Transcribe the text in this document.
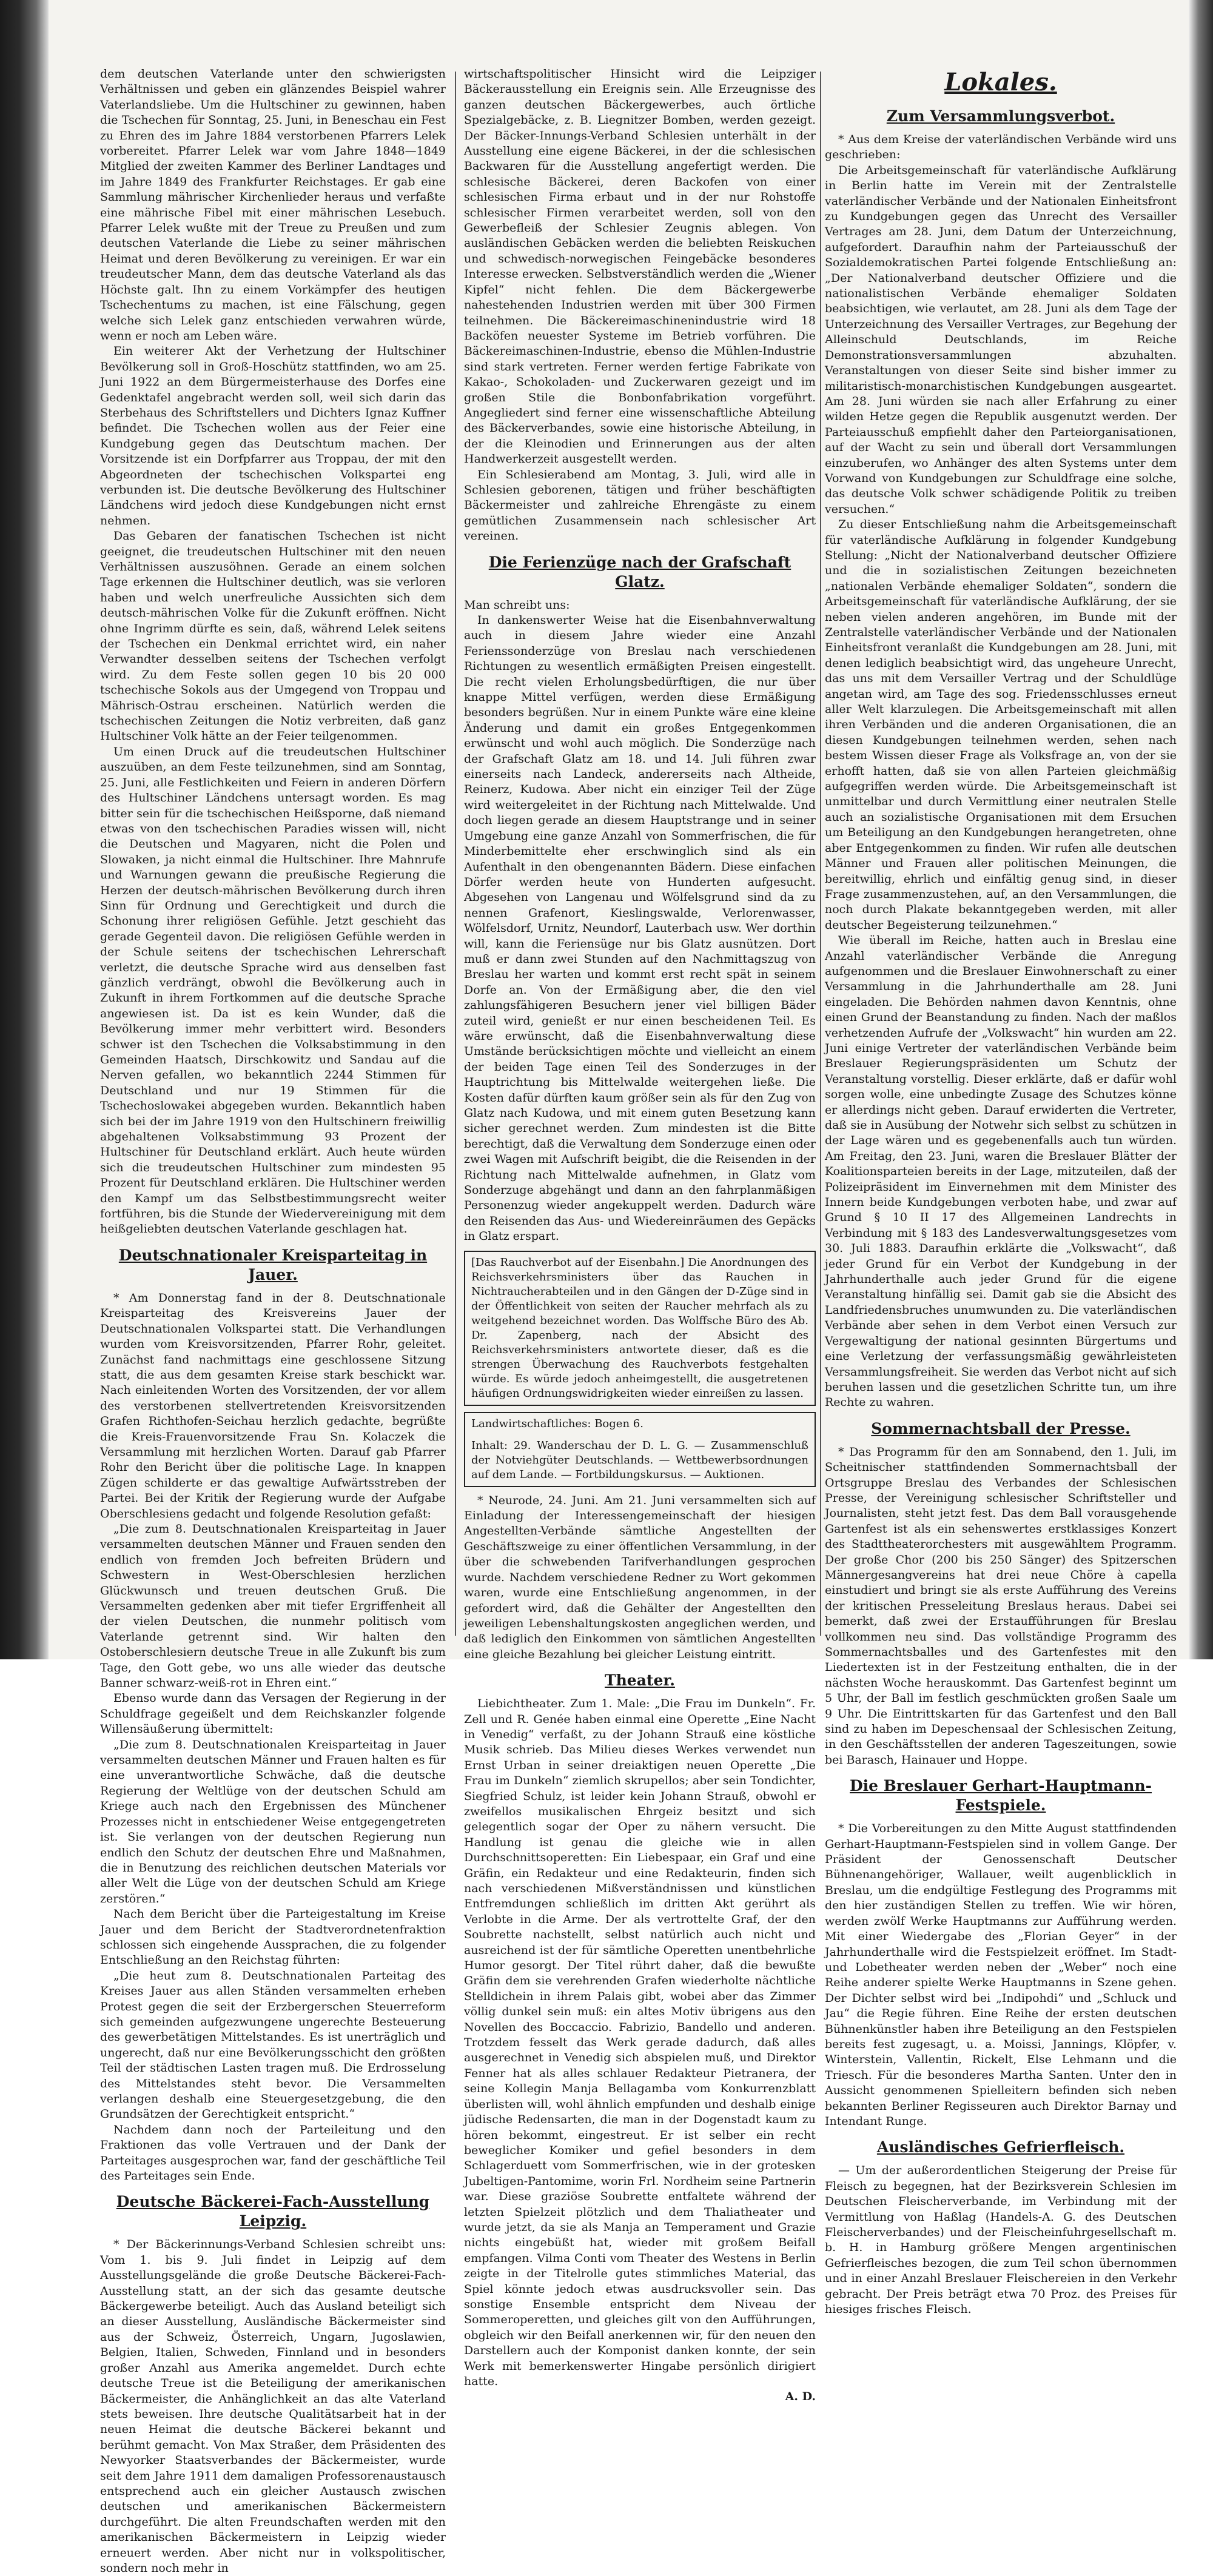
dem deutschen Vaterlande unter den schwierigsten Verhältnissen und geben ein glänzendes Beispiel wahrer Vaterlandsliebe. Um die Hultschiner zu gewinnen, haben die Tschechen für Sonntag, 25. Juni, in Beneschau ein Fest zu Ehren des im Jahre 1884 verstorbenen Pfarrers Lelek vorbereitet. Pfarrer Lelek war vom Jahre 1848—1849 Mitglied der zweiten Kammer des Berliner Landtages und im Jahre 1849 des Frankfurter Reichstages. Er gab eine Sammlung mährischer Kirchenlieder heraus und verfaßte eine mährische Fibel mit einer mährischen Lesebuch. Pfarrer Lelek wußte mit der Treue zu Preußen und zum deutschen Vaterlande die Liebe zu seiner mährischen Heimat und deren Bevölkerung zu vereinigen. Er war ein treudeutscher Mann, dem das deutsche Vaterland als das Höchste galt. Ihn zu einem Vorkämpfer des heutigen Tschechentums zu machen, ist eine Fälschung, gegen welche sich Lelek ganz entschieden verwahren würde, wenn er noch am Leben wäre.

Ein weiterer Akt der Verhetzung der Hultschiner Bevölkerung soll in Groß-Hoschütz stattfinden, wo am 25. Juni 1922 an dem Bürgermeisterhause des Dorfes eine Gedenktafel angebracht werden soll, weil sich darin das Sterbehaus des Schriftstellers und Dichters Ignaz Kuffner befindet. Die Tschechen wollen aus der Feier eine Kundgebung gegen das Deutschtum machen. Der Vorsitzende ist ein Dorfpfarrer aus Troppau, der mit den Abgeordneten der tschechischen Volkspartei eng verbunden ist. Die deutsche Bevölkerung des Hultschiner Ländchens wird jedoch diese Kundgebungen nicht ernst nehmen.

Das Gebaren der fanatischen Tschechen ist nicht geeignet, die treudeutschen Hultschiner mit den neuen Verhältnissen auszusöhnen. Gerade an einem solchen Tage erkennen die Hultschiner deutlich, was sie verloren haben und welch unerfreuliche Aussichten sich dem deutsch-mährischen Volke für die Zukunft eröffnen. Nicht ohne Ingrimm dürfte es sein, daß, während Lelek seitens der Tschechen ein Denkmal errichtet wird, ein naher Verwandter desselben seitens der Tschechen verfolgt wird. Zu dem Feste sollen gegen 10 bis 20 000 tschechische Sokols aus der Umgegend von Troppau und Mährisch-Ostrau erscheinen. Natürlich werden die tschechischen Zeitungen die Notiz verbreiten, daß ganz Hultschiner Volk hätte an der Feier teilgenommen.

Um einen Druck auf die treudeutschen Hultschiner auszuüben, an dem Feste teilzunehmen, sind am Sonntag, 25. Juni, alle Festlichkeiten und Feiern in anderen Dörfern des Hultschiner Ländchens untersagt worden. Es mag bitter sein für die tschechischen Heißsporne, daß niemand etwas von den tschechischen Paradies wissen will, nicht die Deutschen und Magyaren, nicht die Polen und Slowaken, ja nicht einmal die Hultschiner. Ihre Mahnrufe und Warnungen gewann die preußische Regierung die Herzen der deutsch-mährischen Bevölkerung durch ihren Sinn für Ordnung und Gerechtigkeit und durch die Schonung ihrer religiösen Gefühle. Jetzt geschieht das gerade Gegenteil davon. Die religiösen Gefühle werden in der Schule seitens der tschechischen Lehrerschaft verletzt, die deutsche Sprache wird aus denselben fast gänzlich verdrängt, obwohl die Bevölkerung auch in Zukunft in ihrem Fortkommen auf die deutsche Sprache angewiesen ist. Da ist es kein Wunder, daß die Bevölkerung immer mehr verbittert wird. Besonders schwer ist den Tschechen die Volksabstimmung in den Gemeinden Haatsch, Dirschkowitz und Sandau auf die Nerven gefallen, wo bekanntlich 2244 Stimmen für Deutschland und nur 19 Stimmen für die Tschechoslowakei abgegeben wurden. Bekanntlich haben sich bei der im Jahre 1919 von den Hultschinern freiwillig abgehaltenen Volksabstimmung 93 Prozent der Hultschiner für Deutschland erklärt. Auch heute würden sich die treudeutschen Hultschiner zum mindesten 95 Prozent für Deutschland erklären. Die Hultschiner werden den Kampf um das Selbstbestimmungsrecht weiter fortführen, bis die Stunde der Wiedervereinigung mit dem heißgeliebten deutschen Vaterlande geschlagen hat.

Deutschnationaler Kreisparteitag in Jauer.

* Am Donnerstag fand in der 8. Deutschnationale Kreisparteitag des Kreisvereins Jauer der Deutschnationalen Volkspartei statt. Die Verhandlungen wurden vom Kreisvorsitzenden, Pfarrer Rohr, geleitet. Zunächst fand nachmittags eine geschlossene Sitzung statt, die aus dem gesamten Kreise stark beschickt war. Nach einleitenden Worten des Vorsitzenden, der vor allem des verstorbenen stellvertretenden Kreisvorsitzenden Grafen Richthofen-Seichau herzlich gedachte, begrüßte die Kreis-Frauenvorsitzende Frau Sn. Kolaczek die Versammlung mit herzlichen Worten. Darauf gab Pfarrer Rohr den Bericht über die politische Lage. In knappen Zügen schilderte er das gewaltige Aufwärtsstreben der Partei. Bei der Kritik der Regierung wurde der Aufgabe Oberschlesiens gedacht und folgende Resolution gefaßt:

„Die zum 8. Deutschnationalen Kreisparteitag in Jauer versammelten deutschen Männer und Frauen senden den endlich von fremden Joch befreiten Brüdern und Schwestern in West-Oberschlesien herzlichen Glückwunsch und treuen deutschen Gruß. Die Versammelten gedenken aber mit tiefer Ergriffenheit all der vielen Deutschen, die nunmehr politisch vom Vaterlande getrennt sind. Wir halten den Ostoberschlesiern deutsche Treue in alle Zukunft bis zum Tage, den Gott gebe, wo uns alle wieder das deutsche Banner schwarz-weiß-rot in Ehren eint.“

Ebenso wurde dann das Versagen der Regierung in der Schuldfrage gegeißelt und dem Reichskanzler folgende Willensäußerung übermittelt:

„Die zum 8. Deutschnationalen Kreisparteitag in Jauer versammelten deutschen Männer und Frauen halten es für eine unverantwortliche Schwäche, daß die deutsche Regierung der Weltlüge von der deutschen Schuld am Kriege auch nach den Ergebnissen des Münchener Prozesses nicht in entschiedener Weise entgegengetreten ist. Sie verlangen von der deutschen Regierung nun endlich den Schutz der deutschen Ehre und Maßnahmen, die in Benutzung des reichlichen deutschen Materials vor aller Welt die Lüge von der deutschen Schuld am Kriege zerstören.“

Nach dem Bericht über die Parteigestaltung im Kreise Jauer und dem Bericht der Stadtverordnetenfraktion schlossen sich eingehende Aussprachen, die zu folgender Entschließung an den Reichstag führten:

„Die heut zum 8. Deutschnationalen Parteitag des Kreises Jauer aus allen Ständen versammelten erheben Protest gegen die seit der Erzbergerschen Steuerreform sich gemeinden aufgezwungene ungerechte Besteuerung des gewerbetätigen Mittelstandes. Es ist unerträglich und ungerecht, daß nur eine Bevölkerungsschicht den größten Teil der städtischen Lasten tragen muß. Die Erdrosselung des Mittelstandes steht bevor. Die Versammelten verlangen deshalb eine Steuergesetzgebung, die den Grundsätzen der Gerechtigkeit entspricht.“

Nachdem dann noch der Parteileitung und den Fraktionen das volle Vertrauen und der Dank der Parteitages ausgesprochen war, fand der geschäftliche Teil des Parteitages sein Ende.

Deutsche Bäckerei-Fach-Ausstellung Leipzig.

* Der Bäckerinnungs-Verband Schlesien schreibt uns: Vom 1. bis 9. Juli findet in Leipzig auf dem Ausstellungsgelände die große Deutsche Bäckerei-Fach-Ausstellung statt, an der sich das gesamte deutsche Bäckergewerbe beteiligt. Auch das Ausland beteiligt sich an dieser Ausstellung, Ausländische Bäckermeister sind aus der Schweiz, Österreich, Ungarn, Jugoslawien, Belgien, Italien, Schweden, Finnland und in besonders großer Anzahl aus Amerika angemeldet. Durch echte deutsche Treue ist die Beteiligung der amerikanischen Bäckermeister, die Anhänglichkeit an das alte Vaterland stets beweisen. Ihre deutsche Qualitätsarbeit hat in der neuen Heimat die deutsche Bäckerei bekannt und berühmt gemacht. Von Max Straßer, dem Präsidenten des Newyorker Staatsverbandes der Bäckermeister, wurde seit dem Jahre 1911 dem damaligen Professorenaustausch entsprechend auch ein gleicher Austausch zwischen deutschen und amerikanischen Bäckermeistern durchgeführt. Die alten Freundschaften werden mit den amerikanischen Bäckermeistern in Leipzig wieder erneuert werden. Aber nicht nur in volkspolitischer, sondern noch mehr in

wirtschaftspolitischer Hinsicht wird die Leipziger Bäckerausstellung ein Ereignis sein. Alle Erzeugnisse des ganzen deutschen Bäckergewerbes, auch örtliche Spezialgebäcke, z. B. Liegnitzer Bomben, werden gezeigt. Der Bäcker-Innungs-Verband Schlesien unterhält in der Ausstellung eine eigene Bäckerei, in der die schlesischen Backwaren für die Ausstellung angefertigt werden. Die schlesische Bäckerei, deren Backofen von einer schlesischen Firma erbaut und in der nur Rohstoffe schlesischer Firmen verarbeitet werden, soll von den Gewerbefleiß der Schlesier Zeugnis ablegen. Von ausländischen Gebäcken werden die beliebten Reiskuchen und schwedisch-norwegischen Feingebäcke besonderes Interesse erwecken. Selbstverständlich werden die „Wiener Kipfel“ nicht fehlen. Die dem Bäckergewerbe nahestehenden Industrien werden mit über 300 Firmen teilnehmen. Die Bäckereimaschinenindustrie wird 18 Backöfen neuester Systeme im Betrieb vorführen. Die Bäckereimaschinen-Industrie, ebenso die Mühlen-Industrie sind stark vertreten. Ferner werden fertige Fabrikate von Kakao-, Schokoladen- und Zuckerwaren gezeigt und im großen Stile die Bonbonfabrikation vorgeführt. Angegliedert sind ferner eine wissenschaftliche Abteilung des Bäckerverbandes, sowie eine historische Abteilung, in der die Kleinodien und Erinnerungen aus der alten Handwerkerzeit ausgestellt werden.

Ein Schlesierabend am Montag, 3. Juli, wird alle in Schlesien geborenen, tätigen und früher beschäftigten Bäckermeister und zahlreiche Ehrengäste zu einem gemütlichen Zusammensein nach schlesischer Art vereinen.

Die Ferienzüge nach der Grafschaft Glatz.

Man schreibt uns:

In dankenswerter Weise hat die Eisenbahnverwaltung auch in diesem Jahre wieder eine Anzahl Ferienssonderzüge von Breslau nach verschiedenen Richtungen zu wesentlich ermäßigten Preisen eingestellt. Die recht vielen Erholungsbedürftigen, die nur über knappe Mittel verfügen, werden diese Ermäßigung besonders begrüßen. Nur in einem Punkte wäre eine kleine Änderung und damit ein großes Entgegenkommen erwünscht und wohl auch möglich. Die Sonderzüge nach der Grafschaft Glatz am 18. und 14. Juli führen zwar einerseits nach Landeck, andererseits nach Altheide, Reinerz, Kudowa. Aber nicht ein einziger Teil der Züge wird weitergeleitet in der Richtung nach Mittelwalde. Und doch liegen gerade an diesem Hauptstrange und in seiner Umgebung eine ganze Anzahl von Sommerfrischen, die für Minderbemittelte eher erschwinglich sind als ein Aufenthalt in den obengenannten Bädern. Diese einfachen Dörfer werden heute von Hunderten aufgesucht. Abgesehen von Langenau und Wölfelsgrund sind da zu nennen Grafenort, Kieslingswalde, Verlorenwasser, Wölfelsdorf, Urnitz, Neundorf, Lauterbach usw. Wer dorthin will, kann die Feriensüge nur bis Glatz ausnützen. Dort muß er dann zwei Stunden auf den Nachmittagszug von Breslau her warten und kommt erst recht spät in seinem Dorfe an. Von der Ermäßigung aber, die den viel zahlungsfähigeren Besuchern jener viel billigen Bäder zuteil wird, genießt er nur einen bescheidenen Teil. Es wäre erwünscht, daß die Eisenbahnverwaltung diese Umstände berücksichtigen möchte und vielleicht an einem der beiden Tage einen Teil des Sonderzuges in der Hauptrichtung bis Mittelwalde weitergehen ließe. Die Kosten dafür dürften kaum größer sein als für den Zug von Glatz nach Kudowa, und mit einem guten Besetzung kann sicher gerechnet werden. Zum mindesten ist die Bitte berechtigt, daß die Verwaltung dem Sonderzuge einen oder zwei Wagen mit Aufschrift beigibt, die die Reisenden in der Richtung nach Mittelwalde aufnehmen, in Glatz vom Sonderzuge abgehängt und dann an den fahrplanmäßigen Personenzug wieder angekuppelt werden. Dadurch wäre den Reisenden das Aus- und Wiedereinräumen des Gepäcks in Glatz erspart.

[Das Rauchverbot auf der Eisenbahn.] Die Anordnungen des Reichsverkehrsministers über das Rauchen in Nichtraucherabteilen und in den Gängen der D-Züge sind in der Öffentlichkeit von seiten der Raucher mehrfach als zu weitgehend bezeichnet worden. Das Wolffsche Büro des Ab. Dr. Zapenberg, nach der Absicht des Reichsverkehrsministers antwortete dieser, daß es die strengen Überwachung des Rauchverbots festgehalten würde. Es würde jedoch anheimgestellt, die ausgetretenen häufigen Ordnungswidrigkeiten wieder einreißen zu lassen.
Landwirtschaftliches: Bogen 6.
Inhalt: 29. Wanderschau der D. L. G. — Zusammenschluß der Notviehgüter Deutschlands. — Wettbewerbsordnungen auf dem Lande. — Fortbildungskursus. — Auktionen.

* Neurode, 24. Juni. Am 21. Juni versammelten sich auf Einladung der Interessengemeinschaft der hiesigen Angestellten-Verbände sämtliche Angestellten der Geschäftszweige zu einer öffentlichen Versammlung, in der über die schwebenden Tarifverhandlungen gesprochen wurde. Nachdem verschiedene Redner zu Wort gekommen waren, wurde eine Entschließung angenommen, in der gefordert wird, daß die Gehälter der Angestellten den jeweiligen Lebenshaltungskosten angeglichen werden, und daß lediglich den Einkommen von sämtlichen Angestellten eine gleiche Bezahlung bei gleicher Leistung eintritt.

Theater.

Liebichtheater. Zum 1. Male: „Die Frau im Dunkeln“. Fr. Zell und R. Genée haben einmal eine Operette „Eine Nacht in Venedig“ verfaßt, zu der Johann Strauß eine köstliche Musik schrieb. Das Milieu dieses Werkes verwendet nun Ernst Urban in seiner dreiaktigen neuen Operette „Die Frau im Dunkeln“ ziemlich skrupellos; aber sein Tondichter, Siegfried Schulz, ist leider kein Johann Strauß, obwohl er zweifellos musikalischen Ehrgeiz besitzt und sich gelegentlich sogar der Oper zu nähern versucht. Die Handlung ist genau die gleiche wie in allen Durchschnittsoperetten: Ein Liebespaar, ein Graf und eine Gräfin, ein Redakteur und eine Redakteurin, finden sich nach verschiedenen Mißverständnissen und künstlichen Entfremdungen schließlich im dritten Akt gerührt als Verlobte in die Arme. Der als vertrottelte Graf, der den Soubrette nachstellt, selbst natürlich auch nicht und ausreichend ist der für sämtliche Operetten unentbehrliche Humor gesorgt. Der Titel rührt daher, daß die bewußte Gräfin dem sie verehrenden Grafen wiederholte nächtliche Stelldichein in ihrem Palais gibt, wobei aber das Zimmer völlig dunkel sein muß: ein altes Motiv übrigens aus den Novellen des Boccaccio. Fabrizio, Bandello und anderen. Trotzdem fesselt das Werk gerade dadurch, daß alles ausgerechnet in Venedig sich abspielen muß, und Direktor Fenner hat als alles schlauer Redakteur Pietranera, der seine Kollegin Manja Bellagamba vom Konkurrenzblatt überlisten will, wohl ähnlich empfunden und deshalb einige jüdische Redensarten, die man in der Dogenstadt kaum zu hören bekommt, eingestreut. Er ist selber ein recht beweglicher Komiker und gefiel besonders in dem Schlagerduett vom Sommerfrischen, wie in der grotesken Jubeltigen-Pantomime, worin Frl. Nordheim seine Partnerin war. Diese graziöse Soubrette entfaltete während der letzten Spielzeit plötzlich und dem Thaliatheater und wurde jetzt, da sie als Manja an Temperament und Grazie nichts eingebüßt hat, wieder mit großem Beifall empfangen. Vilma Conti vom Theater des Westens in Berlin zeigte in der Titelrolle gutes stimmliches Material, das Spiel könnte jedoch etwas ausdrucksvoller sein. Das sonstige Ensemble entspricht dem Niveau der Sommeroperetten, und gleiches gilt von den Aufführungen, obgleich wir den Beifall anerkennen wir, für den neuen den Darstellern auch der Komponist danken konnte, der sein Werk mit bemerkenswerter Hingabe persönlich dirigiert hatte.

A. D.

Lokales.
Zum Versammlungsverbot.

* Aus dem Kreise der vaterländischen Verbände wird uns geschrieben:

Die Arbeitsgemeinschaft für vaterländische Aufklärung in Berlin hatte im Verein mit der Zentralstelle vaterländischer Verbände und der Nationalen Einheitsfront zu Kundgebungen gegen das Unrecht des Versailler Vertrages am 28. Juni, dem Datum der Unterzeichnung, aufgefordert. Daraufhin nahm der Parteiausschuß der Sozialdemokratischen Partei folgende Entschließung an: „Der Nationalverband deutscher Offiziere und die nationalistischen Verbände ehemaliger Soldaten beabsichtigen, wie verlautet, am 28. Juni als dem Tage der Unterzeichnung des Versailler Vertrages, zur Begehung der Alleinschuld Deutschlands, im Reiche Demonstrationsversammlungen abzuhalten. Veranstaltungen von dieser Seite sind bisher immer zu militaristisch-monarchistischen Kundgebungen ausgeartet. Am 28. Juni würden sie nach aller Erfahrung zu einer wilden Hetze gegen die Republik ausgenutzt werden. Der Parteiausschuß empfiehlt daher den Parteiorganisationen, auf der Wacht zu sein und überall dort Versammlungen einzuberufen, wo Anhänger des alten Systems unter dem Vorwand von Kundgebungen zur Schuldfrage eine solche, das deutsche Volk schwer schädigende Politik zu treiben versuchen.“

Zu dieser Entschließung nahm die Arbeitsgemeinschaft für vaterländische Aufklärung in folgender Kundgebung Stellung: „Nicht der Nationalverband deutscher Offiziere und die in sozialistischen Zeitungen bezeichneten „nationalen Verbände ehemaliger Soldaten“, sondern die Arbeitsgemeinschaft für vaterländische Aufklärung, der sie neben vielen anderen angehören, im Bunde mit der Zentralstelle vaterländischer Verbände und der Nationalen Einheitsfront veranlaßt die Kundgebungen am 28. Juni, mit denen lediglich beabsichtigt wird, das ungeheure Unrecht, das uns mit dem Versailler Vertrag und der Schuldlüge angetan wird, am Tage des sog. Friedensschlusses erneut aller Welt klarzulegen. Die Arbeitsgemeinschaft mit allen ihren Verbänden und die anderen Organisationen, die an diesen Kundgebungen teilnehmen werden, sehen nach bestem Wissen dieser Frage als Volksfrage an, von der sie erhofft hatten, daß sie von allen Parteien gleichmäßig aufgegriffen werden würde. Die Arbeitsgemeinschaft ist unmittelbar und durch Vermittlung einer neutralen Stelle auch an sozialistische Organisationen mit dem Ersuchen um Beteiligung an den Kundgebungen herangetreten, ohne aber Entgegenkommen zu finden. Wir rufen alle deutschen Männer und Frauen aller politischen Meinungen, die bereitwillig, ehrlich und einfältig genug sind, in dieser Frage zusammenzustehen, auf, an den Versammlungen, die noch durch Plakate bekanntgegeben werden, mit aller deutscher Begeisterung teilzunehmen.“

Wie überall im Reiche, hatten auch in Breslau eine Anzahl vaterländischer Verbände die Anregung aufgenommen und die Breslauer Einwohnerschaft zu einer Versammlung in die Jahrhunderthalle am 28. Juni eingeladen. Die Behörden nahmen davon Kenntnis, ohne einen Grund der Beanstandung zu finden. Nach der maßlos verhetzenden Aufrufe der „Volkswacht“ hin wurden am 22. Juni einige Vertreter der vaterländischen Verbände beim Breslauer Regierungspräsidenten um Schutz der Veranstaltung vorstellig. Dieser erklärte, daß er dafür wohl sorgen wolle, eine unbedingte Zusage des Schutzes könne er allerdings nicht geben. Darauf erwiderten die Vertreter, daß sie in Ausübung der Notwehr sich selbst zu schützen in der Lage wären und es gegebenenfalls auch tun würden. Am Freitag, den 23. Juni, waren die Breslauer Blätter der Koalitionsparteien bereits in der Lage, mitzuteilen, daß der Polizeipräsident im Einvernehmen mit dem Minister des Innern beide Kundgebungen verboten habe, und zwar auf Grund § 10 II 17 des Allgemeinen Landrechts in Verbindung mit § 183 des Landesverwaltungsgesetzes vom 30. Juli 1883. Daraufhin erklärte die „Volkswacht“, daß jeder Grund für ein Verbot der Kundgebung in der Jahrhunderthalle auch jeder Grund für die eigene Veranstaltung hinfällig sei. Damit gab sie die Absicht des Landfriedensbruches unumwunden zu. Die vaterländischen Verbände aber sehen in dem Verbot einen Versuch zur Vergewaltigung der national gesinnten Bürgertums und eine Verletzung der verfassungsmäßig gewährleisteten Versammlungsfreiheit. Sie werden das Verbot nicht auf sich beruhen lassen und die gesetzlichen Schritte tun, um ihre Rechte zu wahren.

Sommernachtsball der Presse.

* Das Programm für den am Sonnabend, den 1. Juli, im Scheitnischer stattfindenden Sommernachtsball der Ortsgruppe Breslau des Verbandes der Schlesischen Presse, der Vereinigung schlesischer Schriftsteller und Journalisten, steht jetzt fest. Das dem Ball vorausgehende Gartenfest ist als ein sehenswertes erstklassiges Konzert des Stadttheaterorchesters mit ausgewähltem Programm. Der große Chor (200 bis 250 Sänger) des Spitzerschen Männergesangvereins hat drei neue Chöre à capella einstudiert und bringt sie als erste Aufführung des Vereins der kritischen Presseleitung Breslaus heraus. Dabei sei bemerkt, daß zwei der Erstaufführungen für Breslau vollkommen neu sind. Das vollständige Programm des Sommernachtsballes und des Gartenfestes mit den Liedertexten ist in der Festzeitung enthalten, die in der nächsten Woche herauskommt. Das Gartenfest beginnt um 5 Uhr, der Ball im festlich geschmückten großen Saale um 9 Uhr. Die Eintrittskarten für das Gartenfest und den Ball sind zu haben im Depeschensaal der Schlesischen Zeitung, in den Geschäftsstellen der anderen Tageszeitungen, sowie bei Barasch, Hainauer und Hoppe.

Die Breslauer Gerhart-Hauptmann-Festspiele.

* Die Vorbereitungen zu den Mitte August stattfindenden Gerhart-Hauptmann-Festspielen sind in vollem Gange. Der Präsident der Genossenschaft Deutscher Bühnenangehöriger, Wallauer, weilt augenblicklich in Breslau, um die endgültige Festlegung des Programms mit den hier zuständigen Stellen zu treffen. Wie wir hören, werden zwölf Werke Hauptmanns zur Aufführung werden. Mit einer Wiedergabe des „Florian Geyer“ in der Jahrhunderthalle wird die Festspielzeit eröffnet. Im Stadt- und Lobetheater werden neben der „Weber“ noch eine Reihe anderer spielte Werke Hauptmanns in Szene gehen. Der Dichter selbst wird bei „Indipohdi“ und „Schluck und Jau“ die Regie führen. Eine Reihe der ersten deutschen Bühnenkünstler haben ihre Beteiligung an den Festspielen bereits fest zugesagt, u. a. Moissi, Jannings, Klöpfer, v. Winterstein, Vallentin, Rickelt, Else Lehmann und die Triesch. Für die besonderes Martha Santen. Unter den in Aussicht genommenen Spielleitern befinden sich neben bekannten Berliner Regisseuren auch Direktor Barnay und Intendant Runge.

Ausländisches Gefrierfleisch.

— Um der außerordentlichen Steigerung der Preise für Fleisch zu begegnen, hat der Bezirksverein Schlesien im Deutschen Fleischerverbande, im Verbindung mit der Vermittlung von Haßlag (Handels-A. G. des Deutschen Fleischerverbandes) und der Fleischeinfuhrgesellschaft m. b. H. in Hamburg größere Mengen argentinischen Gefrierfleisches bezogen, die zum Teil schon übernommen und in einer Anzahl Breslauer Fleischereien in den Verkehr gebracht. Der Preis beträgt etwa 70 Proz. des Preises für hiesiges frisches Fleisch.
